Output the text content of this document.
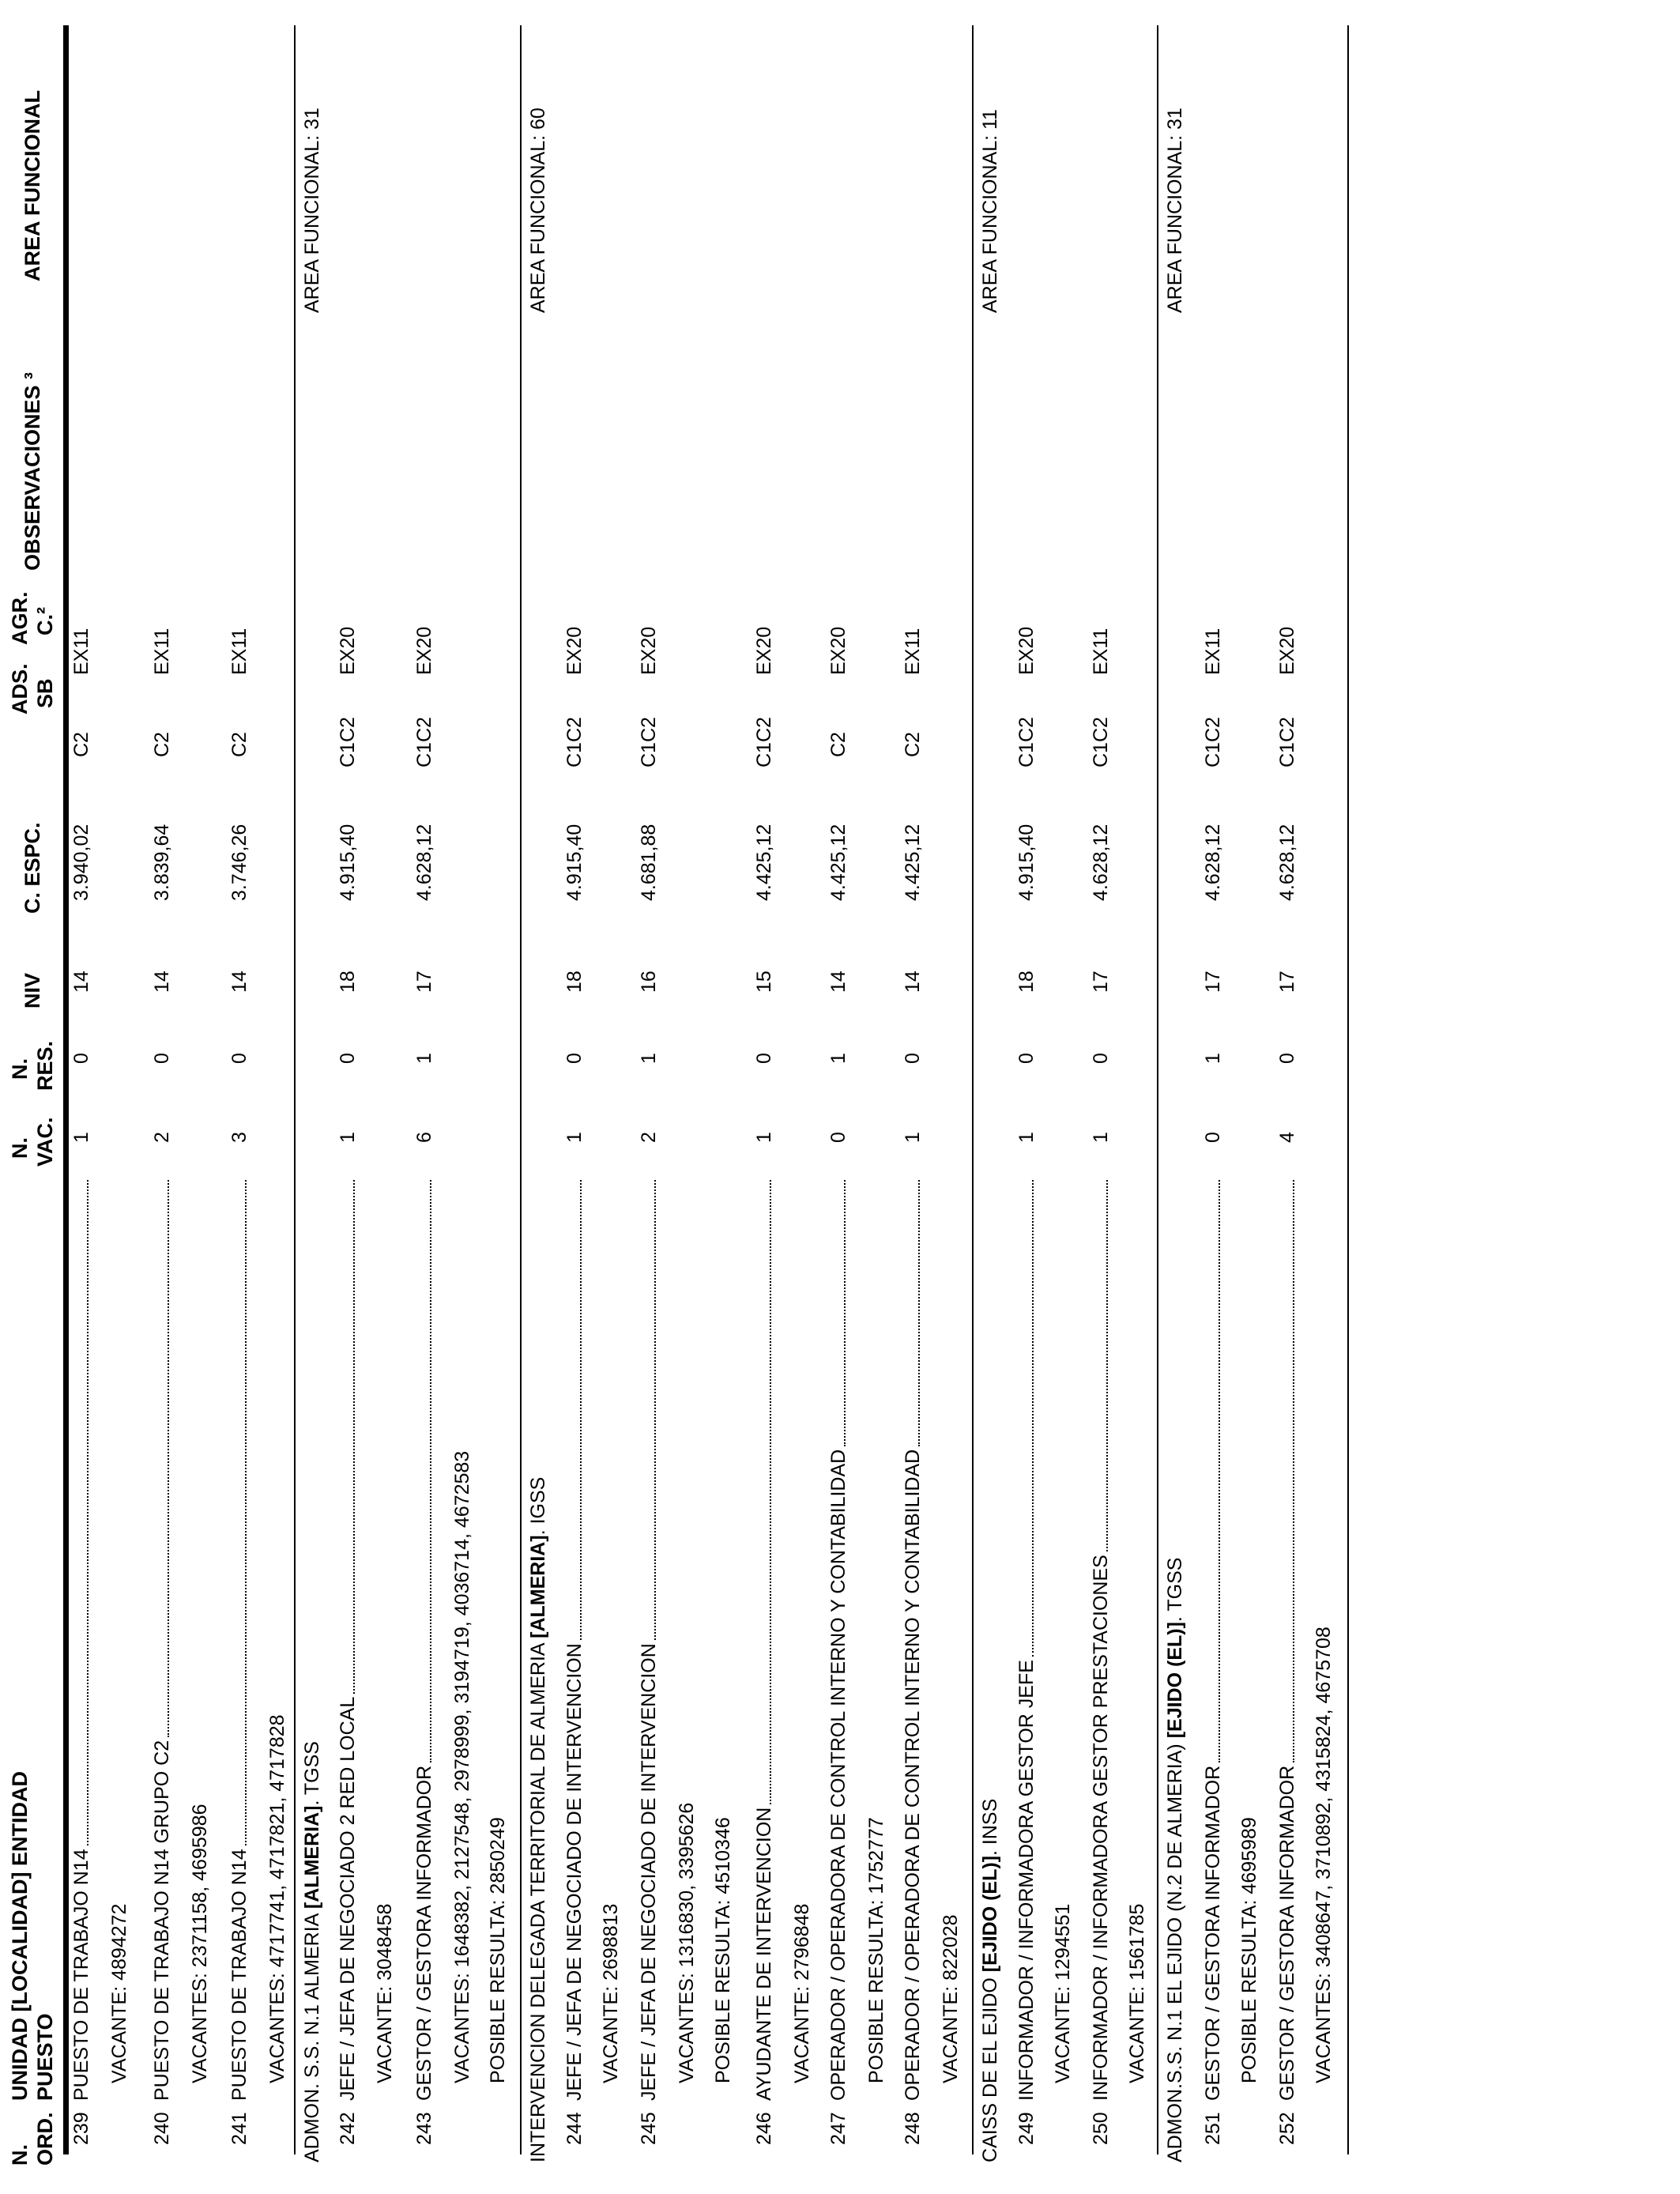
N. ORD.
UNIDAD [LOCALIDAD] ENTIDAD PUESTO
N. VAC.
N. RES.
NIV
C. ESPC.
ADS. SB
AGR. C.²
OBSERVACIONES ³
AREA FUNCIONAL
239
PUESTO DE TRABAJO N14
1
0
14
3.940,02
C2
EX11
VACANTE: 4894272
240
PUESTO DE TRABAJO N14 GRUPO C2
2
0
14
3.839,64
C2
EX11
VACANTES: 2371158, 4695986
241
PUESTO DE TRABAJO N14
3
0
14
3.746,26
C2
EX11
VACANTES: 4717741, 4717821, 4717828 ADMON. S.S. N.1 ALMERIA [ALMERIA]. TGSS
AREA FUNCIONAL: 31
242
JEFE / JEFA DE NEGOCIADO 2 RED LOCAL
1
0
18
4.915,40
C1C2
EX20
VACANTE: 3048458
243
GESTOR / GESTORA INFORMADOR
6
1
17
4.628,12
C1C2
EX20
VACANTES: 1648382, 2127548, 2978999, 3194719, 4036714, 4672583 POSIBLE RESULTA: 2850249 INTERVENCION DELEGADA TERRITORIAL DE ALMERIA [ALMERIA]. IGSS
AREA FUNCIONAL: 60
244
JEFE / JEFA DE NEGOCIADO DE INTERVENCION
1
0
18
4.915,40
C1C2
EX20
VACANTE: 2698813
245
JEFE / JEFA DE NEGOCIADO DE INTERVENCION
2
1
16
4.681,88
C1C2
EX20
VACANTES: 1316830, 3395626 POSIBLE RESULTA: 4510346
246
AYUDANTE DE INTERVENCION
1
0
15
4.425,12
C1C2
EX20
VACANTE: 2796848
247
OPERADOR / OPERADORA DE CONTROL INTERNO Y CONTABILIDAD
0
1
14
4.425,12
C2
EX20
POSIBLE RESULTA: 1752777
248
OPERADOR / OPERADORA DE CONTROL INTERNO Y CONTABILIDAD
1
0
14
4.425,12
C2
EX11
VACANTE: 822028 CAISS DE EL EJIDO [EJIDO (EL)]. INSS
AREA FUNCIONAL: 11
249
INFORMADOR / INFORMADORA GESTOR JEFE
1
0
18
4.915,40
C1C2
EX20
VACANTE: 1294551
250
INFORMADOR / INFORMADORA GESTOR PRESTACIONES
1
0
17
4.628,12
C1C2
EX11
VACANTE: 1561785 ADMON.S.S. N.1 EL EJIDO (N.2 DE ALMERIA) [EJIDO (EL)]. TGSS
AREA FUNCIONAL: 31
251
GESTOR / GESTORA INFORMADOR
0
1
17
4.628,12
C1C2
EX11
POSIBLE RESULTA: 4695989
252
GESTOR / GESTORA INFORMADOR
4
0
17
4.628,12
C1C2
EX20
VACANTES: 3408647, 3710892, 4315824, 4675708
